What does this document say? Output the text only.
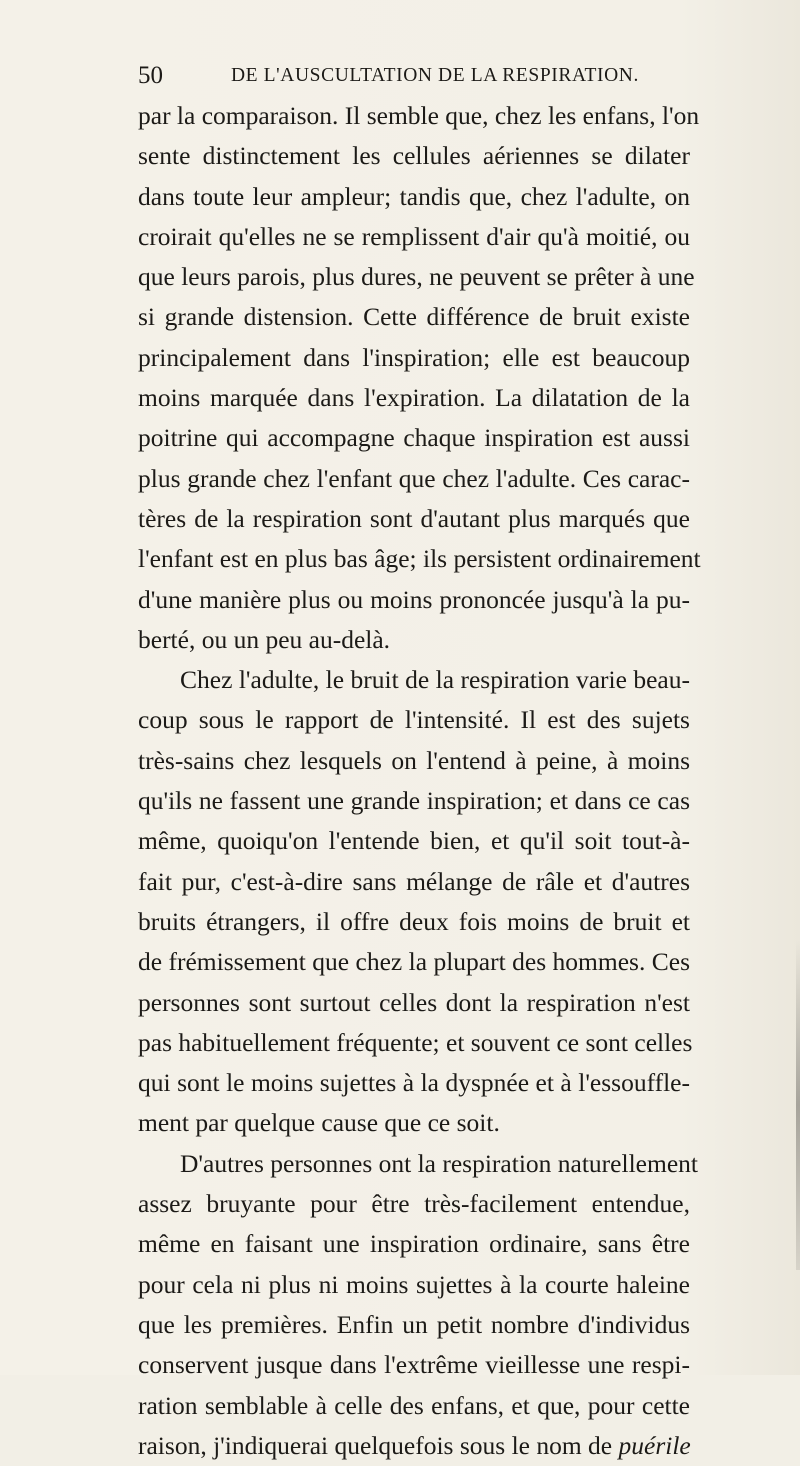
50	DE L'AUSCULTATION DE LA RESPIRATION.
par la comparaison. Il semble que, chez les enfans, l'on
sente distinctement les cellules aériennes se dilater
dans toute leur ampleur; tandis que, chez l'adulte, on
croirait qu'elles ne se remplissent d'air qu'à moitié, ou
que leurs parois, plus dures, ne peuvent se prêter à une
si grande distension. Cette différence de bruit existe
principalement dans l'inspiration; elle est beaucoup
moins marquée dans l'expiration. La dilatation de la
poitrine qui accompagne chaque inspiration est aussi
plus grande chez l'enfant que chez l'adulte. Ces carac-
tères de la respiration sont d'autant plus marqués que
l'enfant est en plus bas âge; ils persistent ordinairement
d'une manière plus ou moins prononcée jusqu'à la pu-
berté, ou un peu au-delà.
Chez l'adulte, le bruit de la respiration varie beau-
coup sous le rapport de l'intensité. Il est des sujets
très-sains chez lesquels on l'entend à peine, à moins
qu'ils ne fassent une grande inspiration; et dans ce cas
même, quoiqu'on l'entende bien, et qu'il soit tout-à-
fait pur, c'est-à-dire sans mélange de râle et d'autres
bruits étrangers, il offre deux fois moins de bruit et
de frémissement que chez la plupart des hommes. Ces
personnes sont surtout celles dont la respiration n'est
pas habituellement fréquente; et souvent ce sont celles
qui sont le moins sujettes à la dyspnée et à l'essouffle-
ment par quelque cause que ce soit.
D'autres personnes ont la respiration naturellement
assez bruyante pour être très-facilement entendue,
même en faisant une inspiration ordinaire, sans être
pour cela ni plus ni moins sujettes à la courte haleine
que les premières. Enfin un petit nombre d'individus
conservent jusque dans l'extrême vieillesse une respi-
ration semblable à celle des enfans, et que, pour cette
raison, j'indiquerai quelquefois sous le nom de puérile
